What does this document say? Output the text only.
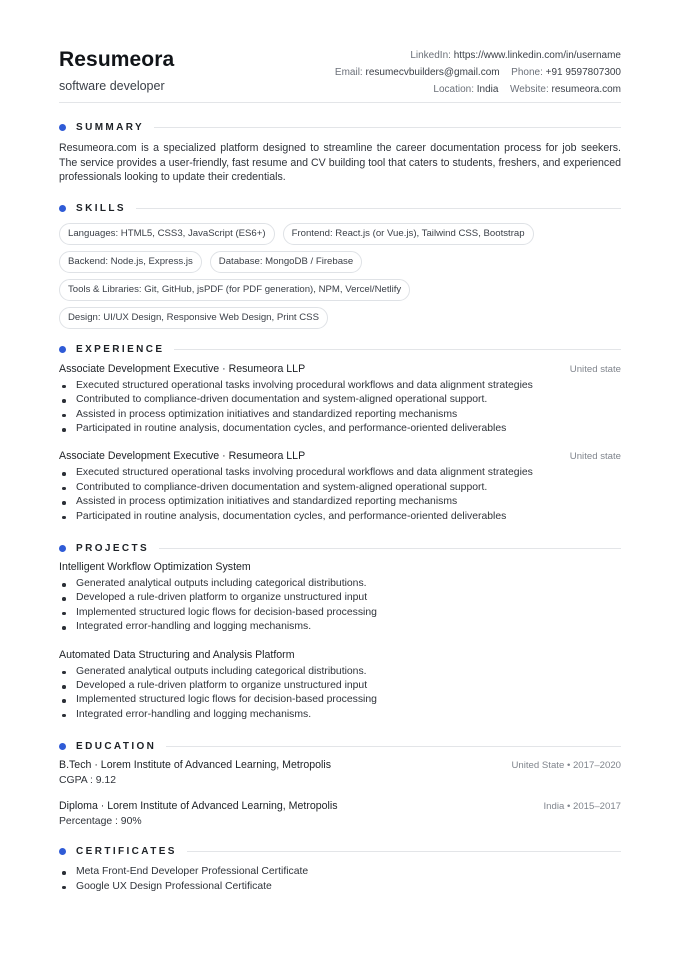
Resumeora
software developer
LinkedIn: https://www.linkedin.com/in/username
Email: resumecvbuilders@gmail.com Phone: +91 9597807300
Location: India Website: resumeora.com
SUMMARY

Resumeora.com is a specialized platform designed to streamline the career documentation process for job seekers. The service provides a user-friendly, fast resume and CV building tool that caters to students, freshers, and experienced professionals looking to update their credentials.

SKILLS
Languages: HTML5, CSS3, JavaScript (ES6+)	Frontend: React.js (or Vue.js), Tailwind CSS, Bootstrap
Backend: Node.js, Express.js	Database: MongoDB / Firebase
Tools & Libraries: Git, GitHub, jsPDF (for PDF generation), NPM, Vercel/Netlify
Design: UI/UX Design, Responsive Web Design, Print CSS
EXPERIENCE
Associate Development Executive · Resumeora LLP	United state
Executed structured operational tasks involving procedural workflows and data alignment strategies
Contributed to compliance-driven documentation and system-aligned operational support.
Assisted in process optimization initiatives and standardized reporting mechanisms
Participated in routine analysis, documentation cycles, and performance-oriented deliverables
Associate Development Executive · Resumeora LLP	United state
Executed structured operational tasks involving procedural workflows and data alignment strategies
Contributed to compliance-driven documentation and system-aligned operational support.
Assisted in process optimization initiatives and standardized reporting mechanisms
Participated in routine analysis, documentation cycles, and performance-oriented deliverables
PROJECTS
Intelligent Workflow Optimization System
Generated analytical outputs including categorical distributions.
Developed a rule-driven platform to organize unstructured input
Implemented structured logic flows for decision-based processing
Integrated error-handling and logging mechanisms.
Automated Data Structuring and Analysis Platform
Generated analytical outputs including categorical distributions.
Developed a rule-driven platform to organize unstructured input
Implemented structured logic flows for decision-based processing
Integrated error-handling and logging mechanisms.
EDUCATION
B.Tech · Lorem Institute of Advanced Learning, Metropolis	United State • 2017–2020
CGPA : 9.12
Diploma · Lorem Institute of Advanced Learning, Metropolis	India • 2015–2017
Percentage : 90%
CERTIFICATES
Meta Front-End Developer Professional Certificate
Google UX Design Professional Certificate
